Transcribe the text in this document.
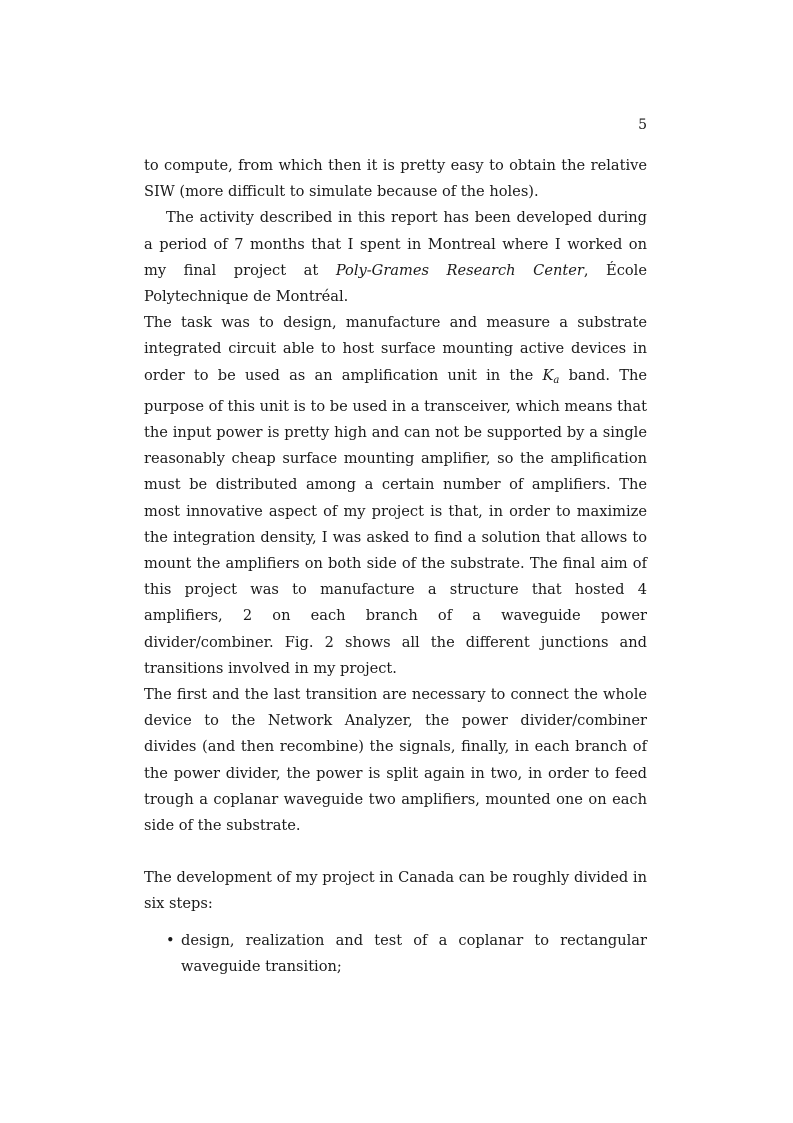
5

to compute, from which then it is pretty easy to obtain the relative SIW (more difficult to simulate because of the holes).

The activity described in this report has been developed during a period of 7 months that I spent in Montreal where I worked on my final project at Poly-Grames Research Center, École Polytechnique de Montréal.

The task was to design, manufacture and measure a substrate integrated circuit able to host surface mounting active devices in order to be used as an amplification unit in the $K_a$ band. The purpose of this unit is to be used in a transceiver, which means that the input power is pretty high and can not be supported by a single reasonably cheap surface mounting amplifier, so the amplification must be distributed among a certain number of amplifiers. The most innovative aspect of my project is that, in order to maximize the integration density, I was asked to find a solution that allows to mount the amplifiers on both side of the substrate. The final aim of this project was to manufacture a structure that hosted 4 amplifiers, 2 on each branch of a waveguide power divider/combiner. Fig. 2 shows all the different junctions and transitions involved in my project.

The first and the last transition are necessary to connect the whole device to the Network Analyzer, the power divider/combiner divides (and then recombine) the signals, finally, in each branch of the power divider, the power is split again in two, in order to feed trough a coplanar waveguide two amplifiers, mounted one on each side of the substrate.

The development of my project in Canada can be roughly divided in six steps:

• design, realization and test of a coplanar to rectangular waveguide transition;
